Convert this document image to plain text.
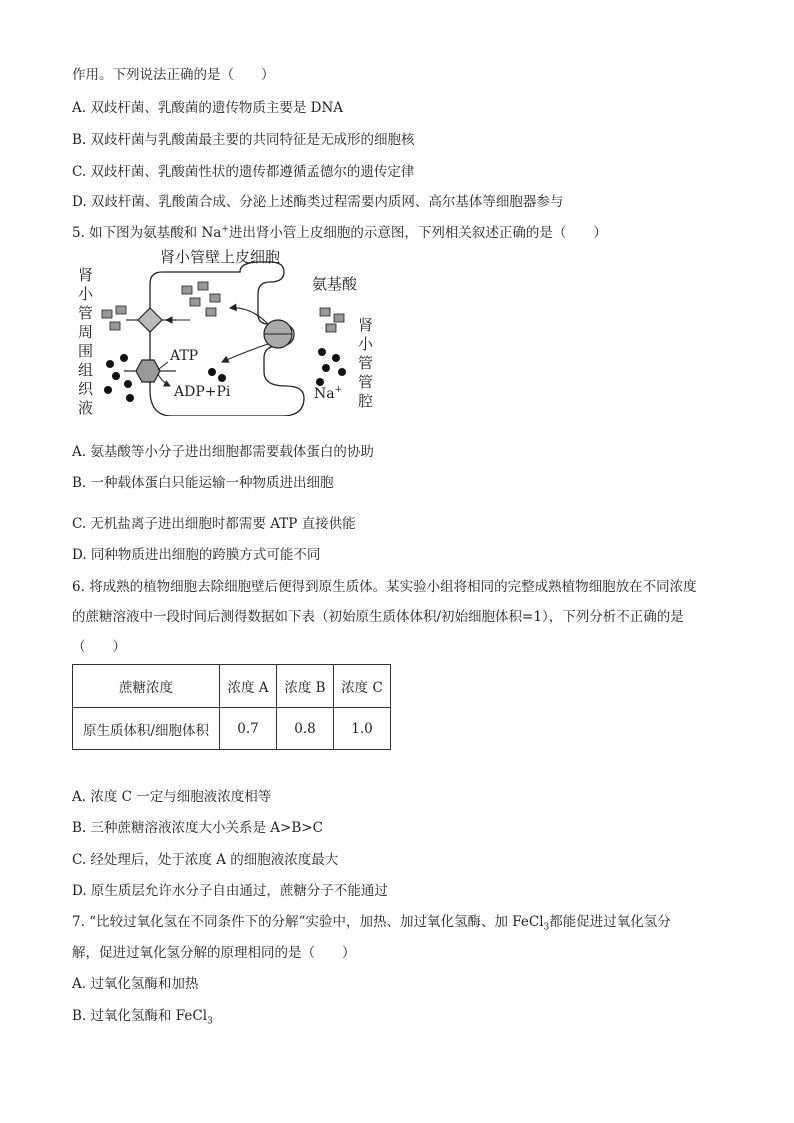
作用。下列说法正确的是（　　）
A. 双歧杆菌、乳酸菌的遗传物质主要是 DNA
B. 双歧杆菌与乳酸菌最主要的共同特征是无成形的细胞核
C. 双歧杆菌、乳酸菌性状的遗传都遵循孟德尔的遗传定律
D. 双歧杆菌、乳酸菌合成、分泌上述酶类过程需要内质网、高尔基体等细胞器参与
5. 如下图为氨基酸和 Na+进出肾小管上皮细胞的示意图，下列相关叙述正确的是（　　）
肾小管壁上皮细胞
肾小管周围组织液
肾小管管腔
氨基酸
ATP
ADP+Pi	Na+
A. 氨基酸等小分子进出细胞都需要载体蛋白的协助
B. 一种载体蛋白只能运输一种物质进出细胞
C. 无机盐离子进出细胞时都需要 ATP 直接供能
D. 同种物质进出细胞的跨膜方式可能不同
6. 将成熟的植物细胞去除细胞壁后便得到原生质体。某实验小组将相同的完整成熟植物细胞放在不同浓度
的蔗糖溶液中一段时间后测得数据如下表（初始原生质体体积/初始细胞体积=1），下列分析不正确的是
（　　）
蔗糖浓度	浓度 A	浓度 B	浓度 C
原生质体积/细胞体积	0.7	0.8	1.0
A. 浓度 C 一定与细胞液浓度相等
B. 三种蔗糖溶液浓度大小关系是 A>B>C
C. 经处理后，处于浓度 A 的细胞液浓度最大
D. 原生质层允许水分子自由通过，蔗糖分子不能通过
7. “比较过氧化氢在不同条件下的分解”实验中，加热、加过氧化氢酶、加 FeCl$_3$都能促进过氧化氢分
解，促进过氧化氢分解的原理相同的是（　　）
A. 过氧化氢酶和加热
B. 过氧化氢酶和 FeCl$_3$
